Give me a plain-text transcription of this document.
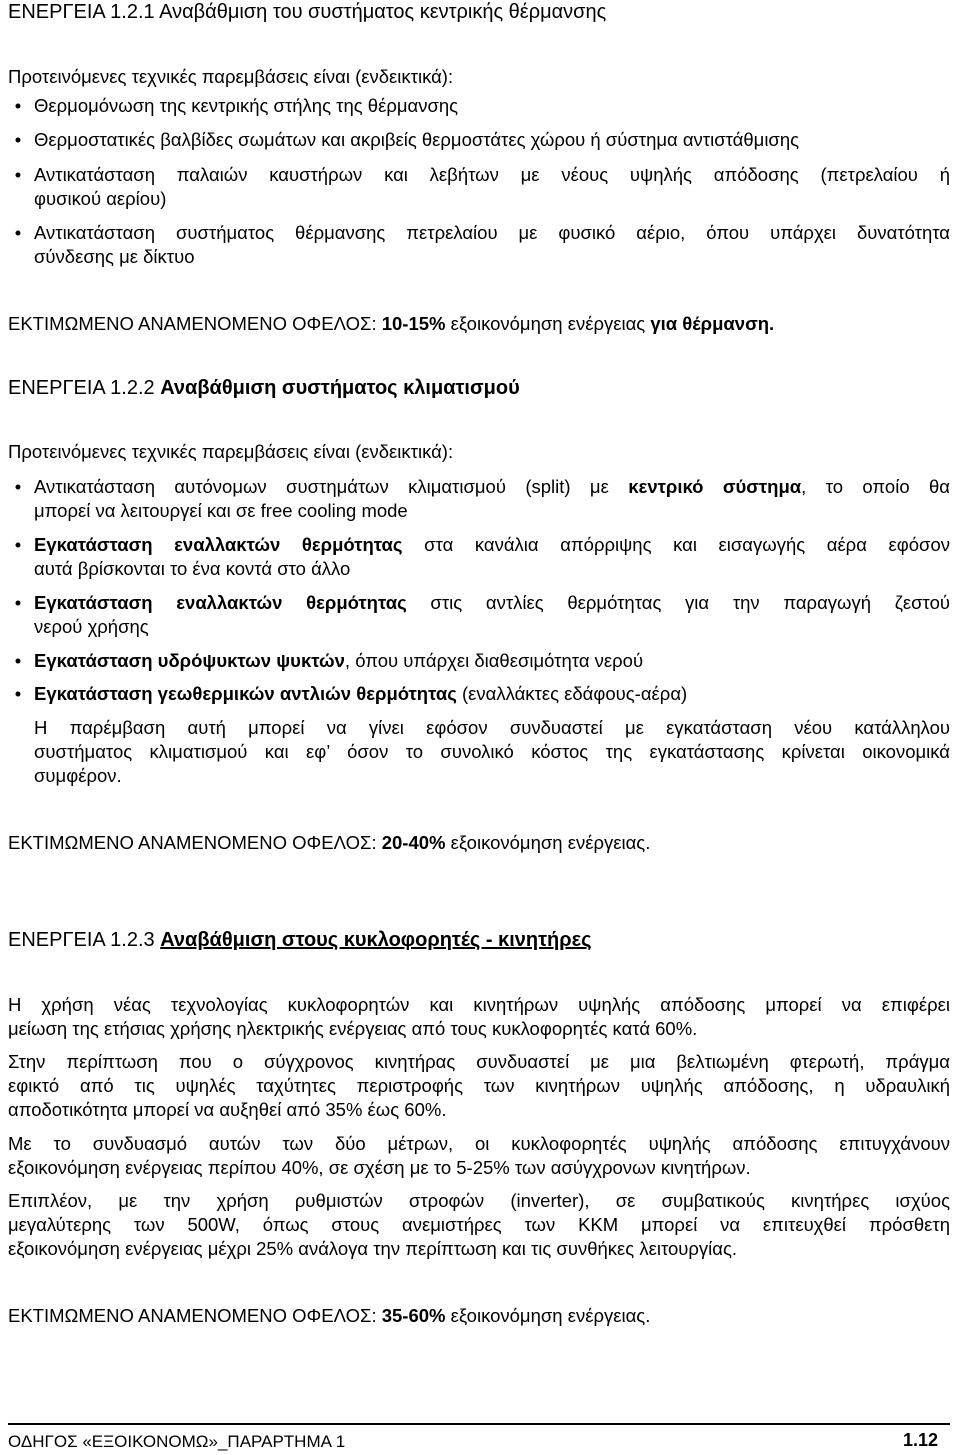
ΕΝΕΡΓΕΙΑ 1.2.1 Αναβάθμιση του συστήματος κεντρικής θέρμανσης
Προτεινόμενες τεχνικές παρεμβάσεις είναι (ενδεικτικά):
• Θερμομόνωση της κεντρικής στήλης της θέρμανσης
• Θερμοστατικές βαλβίδες σωμάτων και ακριβείς θερμοστάτες χώρου ή σύστημα αντιστάθμισης
• Αντικατάσταση παλαιών καυστήρων και λεβήτων με νέους υψηλής απόδοσης (πετρελαίου ή
φυσικού αερίου)
• Αντικατάσταση συστήματος θέρμανσης πετρελαίου με φυσικό αέριο, όπου υπάρχει δυνατότητα
σύνδεσης με δίκτυο
ΕΚΤΙΜΩΜΕΝΟ ΑΝΑΜΕΝΟΜΕΝΟ ΟΦΕΛΟΣ: 10-15% εξοικονόμηση ενέργειας για θέρμανση.
ΕΝΕΡΓΕΙΑ 1.2.2 Αναβάθμιση συστήματος κλιματισμού
Προτεινόμενες τεχνικές παρεμβάσεις είναι (ενδεικτικά):
• Αντικατάσταση αυτόνομων συστημάτων κλιματισμού (split) με κεντρικό σύστημα, το οποίο θα
μπορεί να λειτουργεί και σε free cooling mode
• Εγκατάσταση εναλλακτών θερμότητας στα κανάλια απόρριψης και εισαγωγής αέρα εφόσον
αυτά βρίσκονται το ένα κοντά στο άλλο
• Εγκατάσταση εναλλακτών θερμότητας στις αντλίες θερμότητας για την παραγωγή ζεστού
νερού χρήσης
• Εγκατάσταση υδρόψυκτων ψυκτών, όπου υπάρχει διαθεσιμότητα νερού
• Εγκατάσταση γεωθερμικών αντλιών θερμότητας (εναλλάκτες εδάφους-αέρα)
Η παρέμβαση αυτή μπορεί να γίνει εφόσον συνδυαστεί με εγκατάσταση νέου κατάλληλου
συστήματος κλιματισμού και εφ’ όσον το συνολικό κόστος της εγκατάστασης κρίνεται οικονομικά
συμφέρον.
ΕΚΤΙΜΩΜΕΝΟ ΑΝΑΜΕΝΟΜΕΝΟ ΟΦΕΛΟΣ: 20-40% εξοικονόμηση ενέργειας.
ΕΝΕΡΓΕΙΑ 1.2.3 Αναβάθμιση στους κυκλοφορητές - κινητήρες
Η χρήση νέας τεχνολογίας κυκλοφορητών και κινητήρων υψηλής απόδοσης μπορεί να επιφέρει
μείωση της ετήσιας χρήσης ηλεκτρικής ενέργειας από τους κυκλοφορητές κατά 60%.
Στην περίπτωση που ο σύγχρονος κινητήρας συνδυαστεί με μια βελτιωμένη φτερωτή, πράγμα
εφικτό από τις υψηλές ταχύτητες περιστροφής των κινητήρων υψηλής απόδοσης, η υδραυλική
αποδοτικότητα μπορεί να αυξηθεί από 35% έως 60%.
Με το συνδυασμό αυτών των δύο μέτρων, οι κυκλοφορητές υψηλής απόδοσης επιτυγχάνουν
εξοικονόμηση ενέργειας περίπου 40%, σε σχέση με το 5-25% των ασύγχρονων κινητήρων.
Επιπλέον, με την χρήση ρυθμιστών στροφών (inverter), σε συμβατικούς κινητήρες ισχύος
μεγαλύτερης των 500W, όπως στους ανεμιστήρες των ΚΚΜ μπορεί να επιτευχθεί πρόσθετη
εξοικονόμηση ενέργειας μέχρι 25% ανάλογα την περίπτωση και τις συνθήκες λειτουργίας.
ΕΚΤΙΜΩΜΕΝΟ ΑΝΑΜΕΝΟΜΕΝΟ ΟΦΕΛΟΣ: 35-60% εξοικονόμηση ενέργειας.
ΟΔΗΓΟΣ «ΕΞΟΙΚΟΝΟΜΩ»_ΠΑΡΑΡΤΗΜΑ 1	1.12
